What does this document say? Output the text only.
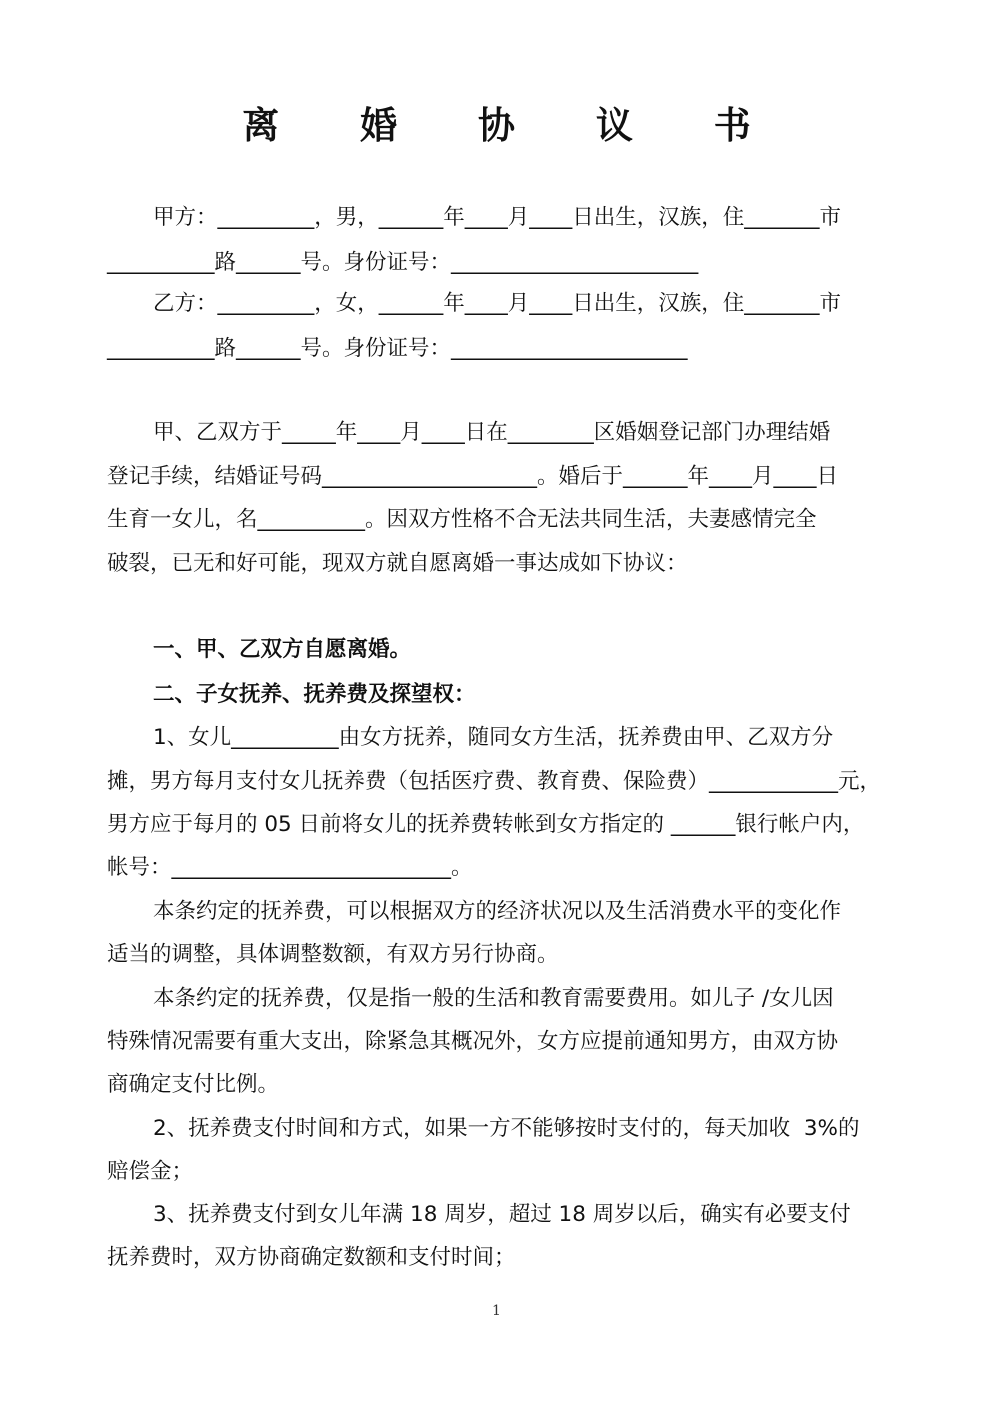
离 婚 协 议 书
甲方：_________，男，______年____月____日出生，汉族，住_______市
__________路______号。身份证号：_______________________
乙方：_________，女，______年____月____日出生，汉族，住_______市
__________路______号。身份证号：______________________
甲、乙双方于_____年____月____日在________区婚姻登记部门办理结婚
登记手续，结婚证号码____________________。婚后于______年____月____日
生育一女儿，名__________。因双方性格不合无法共同生活，夫妻感情完全
破裂，已无和好可能，现双方就自愿离婚一事达成如下协议：
一、甲、乙双方自愿离婚。
二、子女抚养、抚养费及探望权：
1、女儿__________由女方抚养，随同女方生活，抚养费由甲、乙双方分
摊，男方每月支付女儿抚养费（包括医疗费、教育费、保险费）____________元，
男方应于每月的 05 日前将女儿的抚养费转帐到女方指定的 ______银行帐户内，
帐号：__________________________。
本条约定的抚养费，可以根据双方的经济状况以及生活消费水平的变化作
适当的调整，具体调整数额，有双方另行协商。
本条约定的抚养费，仅是指一般的生活和教育需要费用。如儿子 /女儿因
特殊情况需要有重大支出，除紧急其概况外，女方应提前通知男方，由双方协
商确定支付比例。
2、抚养费支付时间和方式，如果一方不能够按时支付的，每天加收  3%的
赔偿金；
3、抚养费支付到女儿年满 18 周岁，超过 18 周岁以后，确实有必要支付
抚养费时，双方协商确定数额和支付时间；
1
